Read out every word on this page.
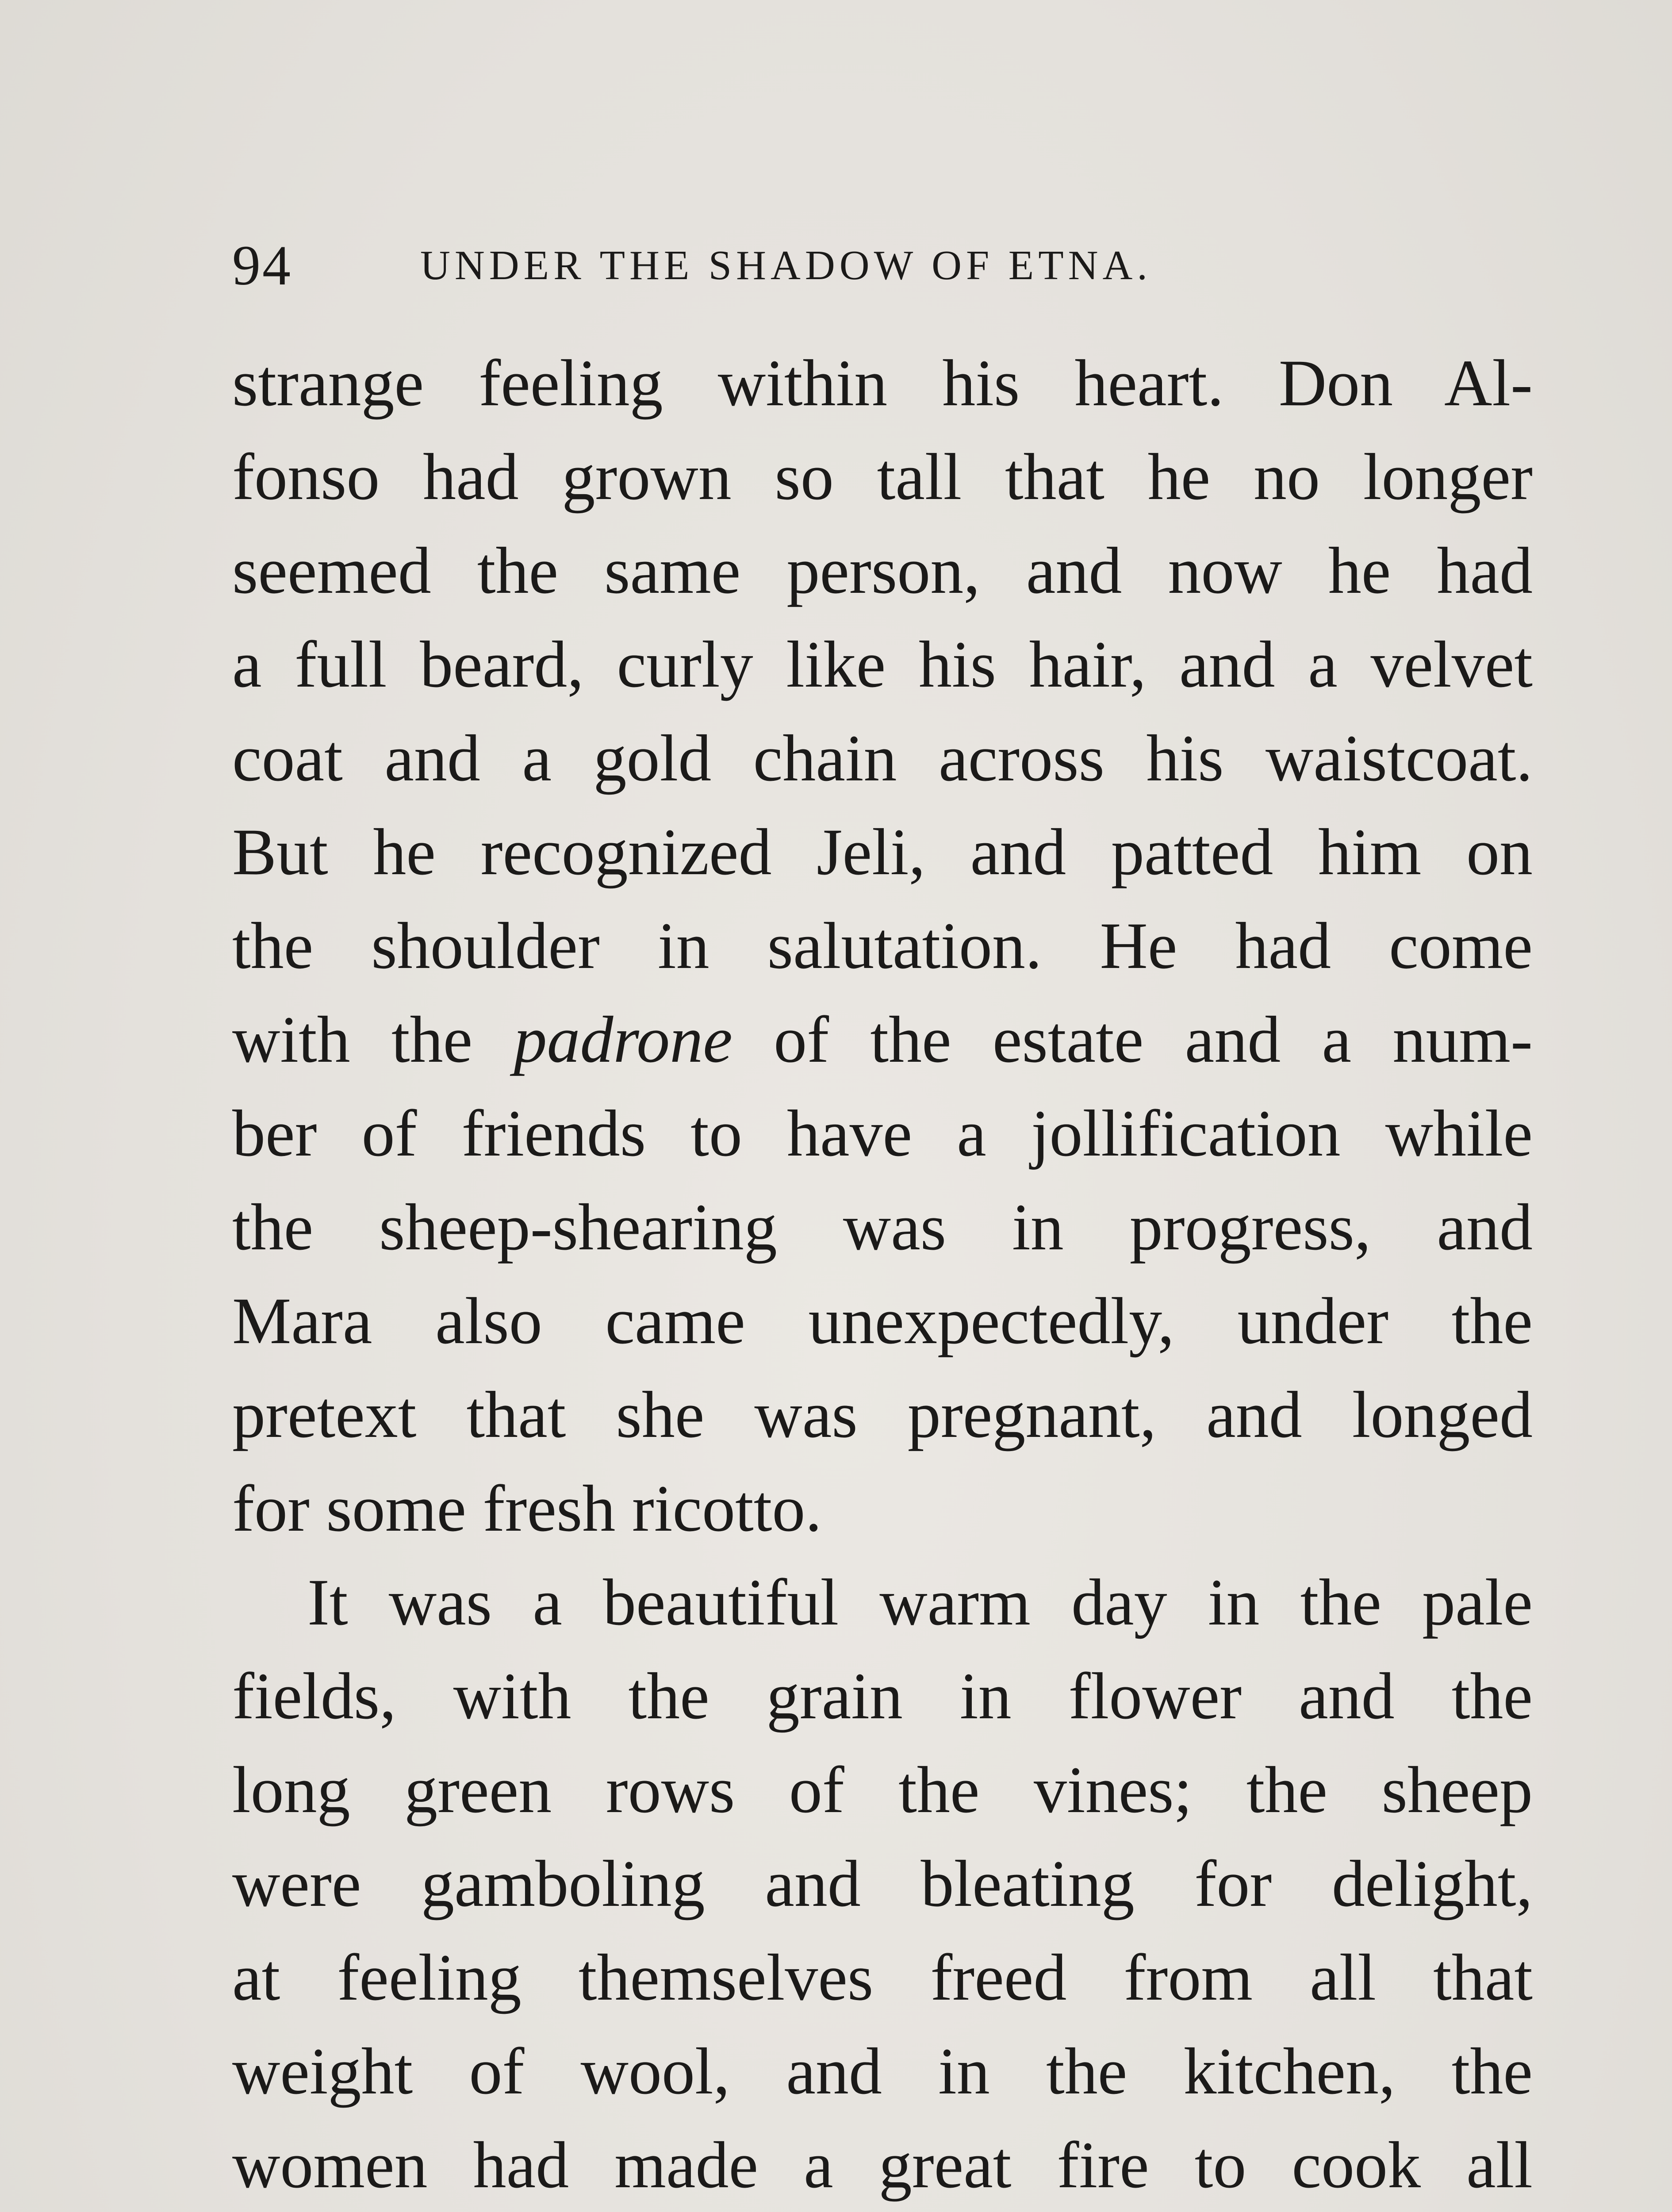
94	UNDER THE SHADOW OF ETNA.

strange feeling within his heart. Don Al-
fonso had grown so tall that he no longer
seemed the same person, and now he had
a full beard, curly like his hair, and a velvet
coat and a gold chain across his waistcoat.
But he recognized Jeli, and patted him on
the shoulder in salutation. He had come
with the padrone of the estate and a num-
ber of friends to have a jollification while
the sheep-shearing was in progress, and
Mara also came unexpectedly, under the
pretext that she was pregnant, and longed
for some fresh ricotto.

It was a beautiful warm day in the pale
fields, with the grain in flower and the
long green rows of the vines; the sheep
were gamboling and bleating for delight,
at feeling themselves freed from all that
weight of wool, and in the kitchen, the
women had made a great fire to cook all
